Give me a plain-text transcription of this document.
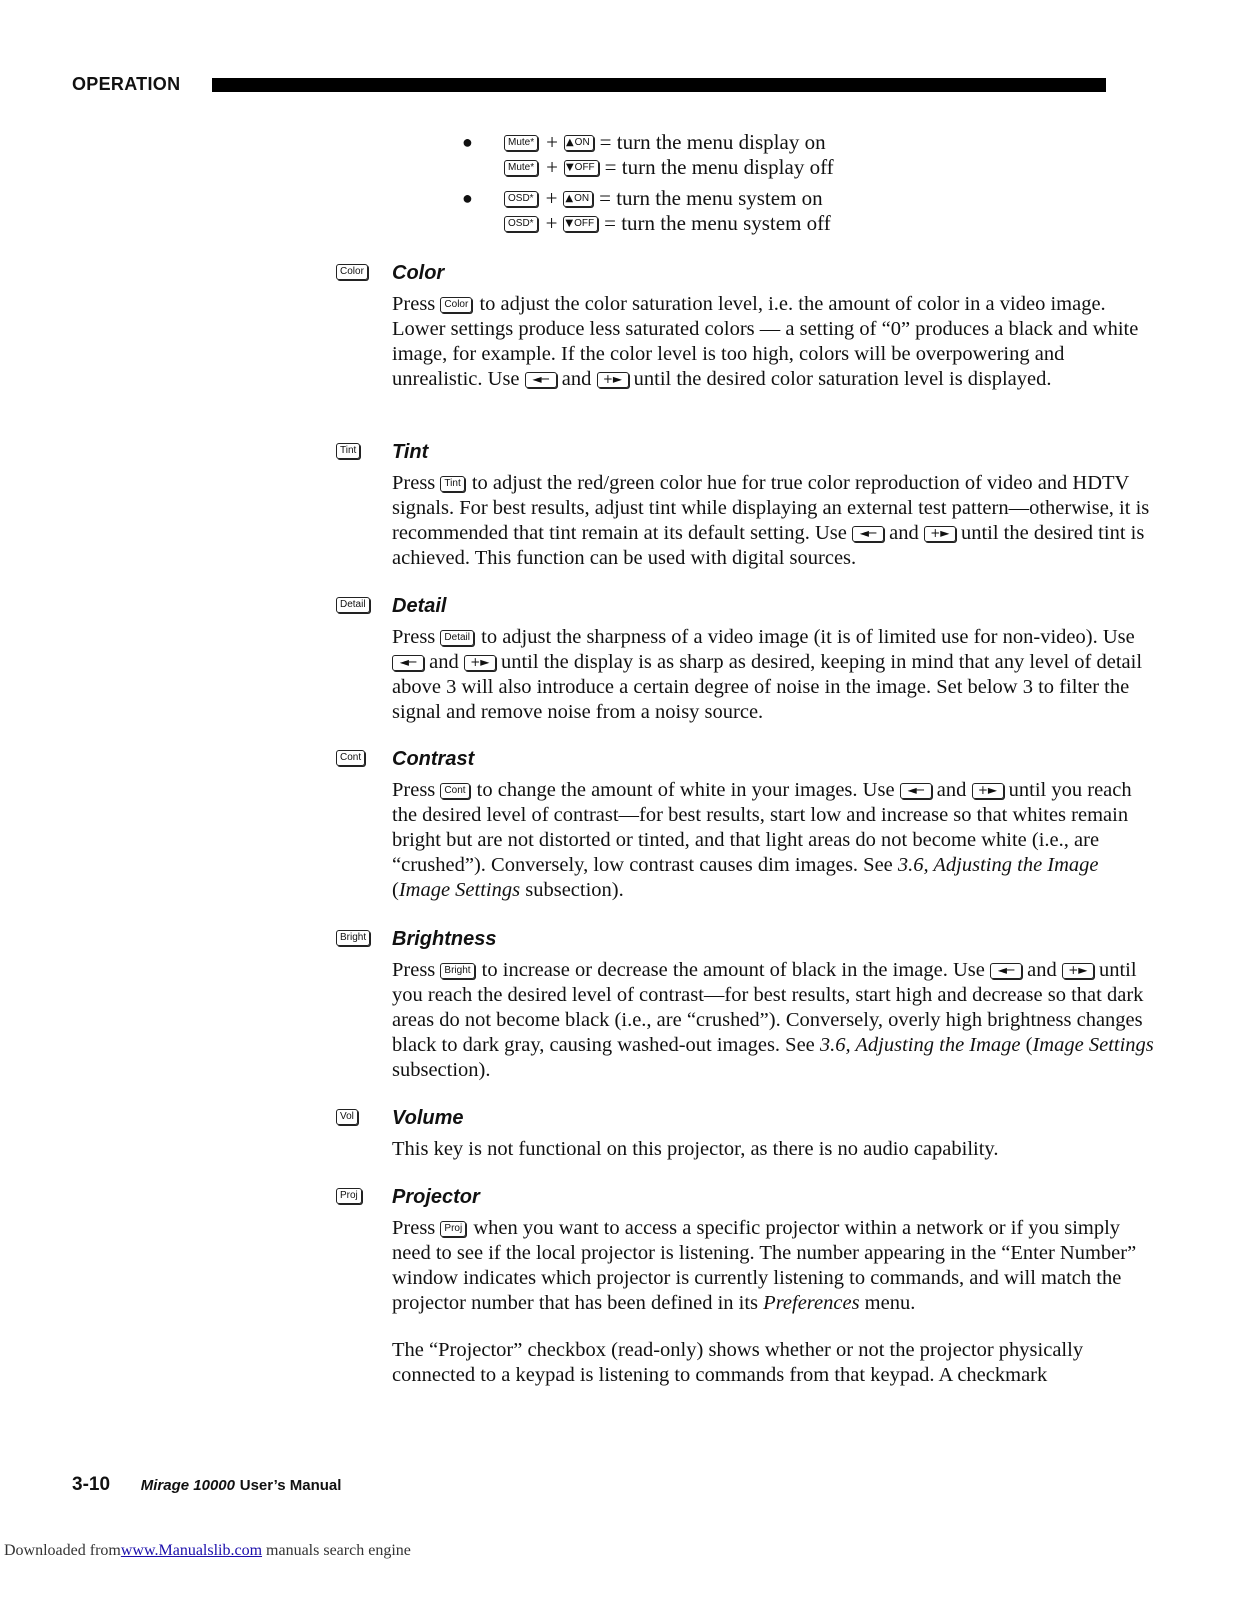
OPERATION
●	Mute* + ▲ ON = turn the menu display on
Mute* + ▼ OFF = turn the menu display off
●	OSD* + ▲ ON = turn the menu system on
OSD* + ▼ OFF = turn the menu system off
Color Color

Press Color to adjust the color saturation level, i.e. the amount of color in a video image. Lower settings produce less saturated colors — a setting of “0” produces a black and white image, for example. If the color level is too high, colors will be overpowering and unrealistic. Use ◄─ and +► until the desired color saturation level is displayed.

Tint Tint

Press Tint to adjust the red/green color hue for true color reproduction of video and HDTV signals. For best results, adjust tint while displaying an external test pattern—otherwise, it is recommended that tint remain at its default setting. Use ◄─ and +► until the desired tint is achieved. This function can be used with digital sources.

Detail Detail

Press Detail to adjust the sharpness of a video image (it is of limited use for non-video). Use ◄─ and +► until the display is as sharp as desired, keeping in mind that any level of detail above 3 will also introduce a certain degree of noise in the image. Set below 3 to filter the signal and remove noise from a noisy source.

Cont Contrast

Press Cont to change the amount of white in your images. Use ◄─ and +► until you reach the desired level of contrast—for best results, start low and increase so that whites remain bright but are not distorted or tinted, and that light areas do not become white (i.e., are “crushed”). Conversely, low contrast causes dim images. See 3.6, Adjusting the Image (Image Settings subsection).

Bright Brightness

Press Bright to increase or decrease the amount of black in the image. Use ◄─ and +► until you reach the desired level of contrast—for best results, start high and decrease so that dark areas do not become black (i.e., are “crushed”). Conversely, overly high brightness changes black to dark gray, causing washed-out images. See 3.6, Adjusting the Image (Image Settings subsection).

Vol Volume

This key is not functional on this projector, as there is no audio capability.

Proj Projector

Press Proj when you want to access a specific projector within a network or if you simply need to see if the local projector is listening. The number appearing in the “Enter Number” window indicates which projector is currently listening to commands, and will match the projector number that has been defined in its Preferences menu.

The “Projector” checkbox (read-only) shows whether or not the projector physically connected to a keypad is listening to commands from that keypad. A checkmark

3-10 Mirage 10000 User’s Manual
Downloaded fromwww.Manualslib.com manuals search engine
